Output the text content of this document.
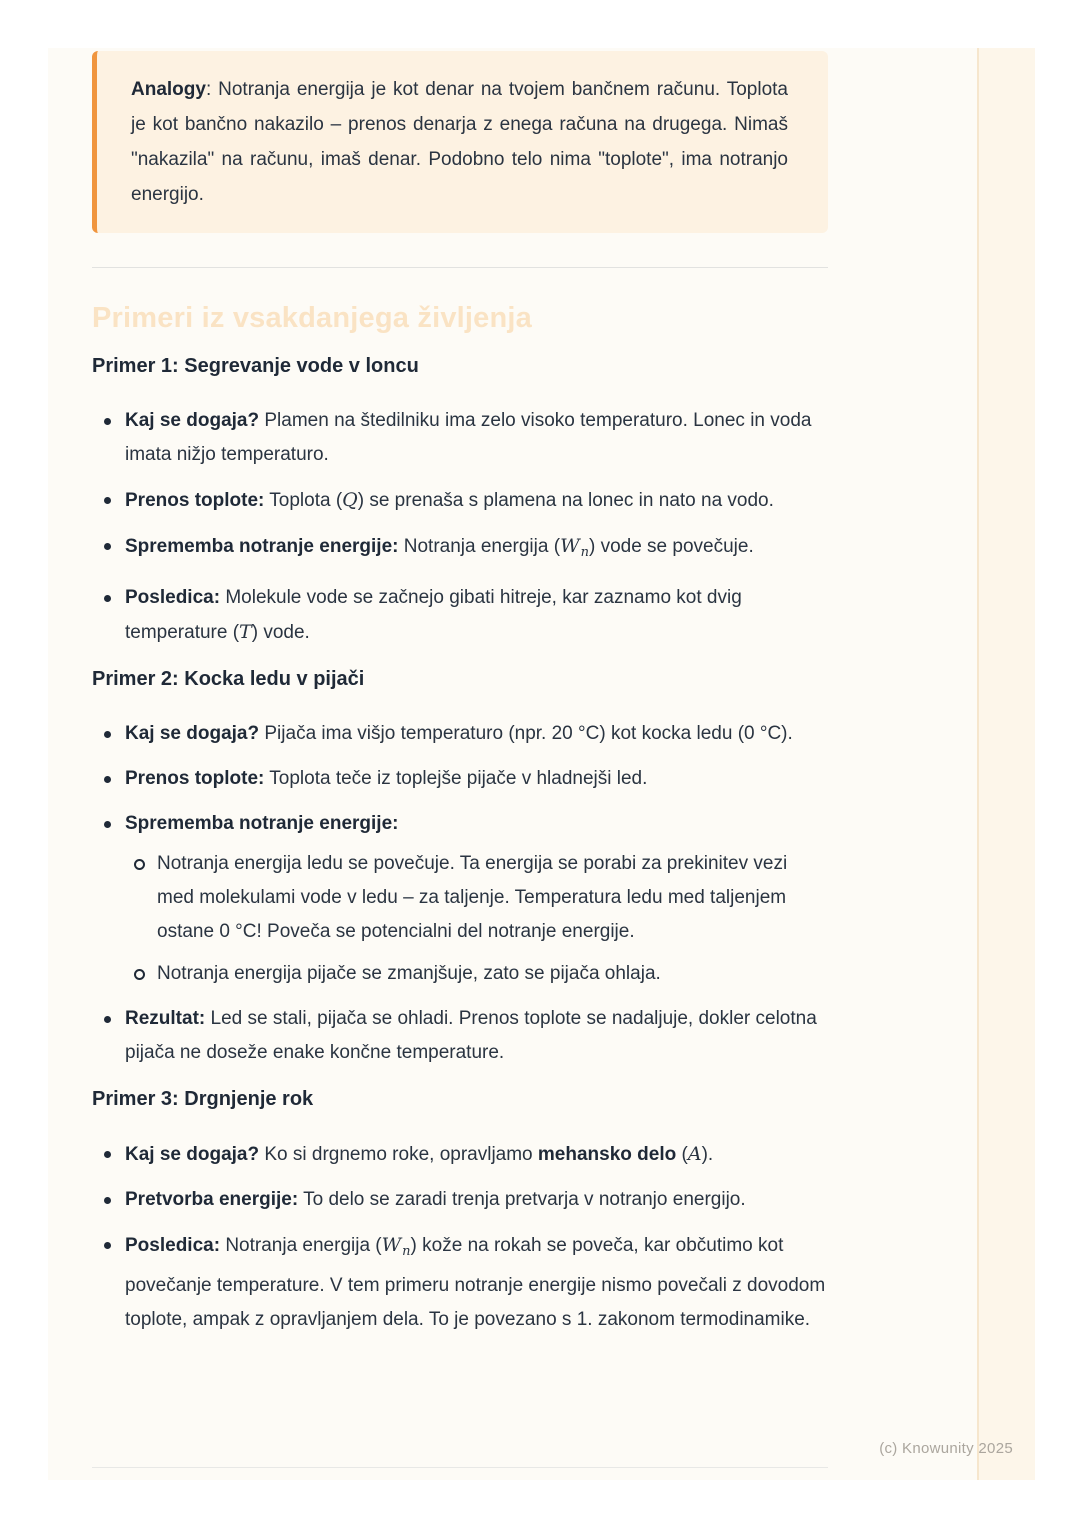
Analogy: Notranja energija je kot denar na tvojem bančnem računu. Toplota je kot bančno nakazilo – prenos denarja z enega računa na drugega. Nimaš "nakazila" na računu, imaš denar. Podobno telo nima "toplote", ima notranjo energijo.

Primeri iz vsakdanjega življenja
Primer 1: Segrevanje vode v loncu
Kaj se dogaja? Plamen na štedilniku ima zelo visoko temperaturo. Lonec in voda imata nižjo temperaturo.
Prenos toplote: Toplota (Q) se prenaša s plamena na lonec in nato na vodo.
Sprememba notranje energije: Notranja energija $(W_n)$ vode se povečuje.
Posledica: Molekule vode se začnejo gibati hitreje, kar zaznamo kot dvig temperature (T) vode.
Primer 2: Kocka ledu v pijači
Kaj se dogaja? Pijača ima višjo temperaturo (npr. 20 °C) kot kocka ledu (0 °C).
Prenos toplote: Toplota teče iz toplejše pijače v hladnejši led.
Sprememba notranje energije:
Notranja energija ledu se povečuje. Ta energija se porabi za prekinitev vezi med molekulami vode v ledu – za taljenje. Temperatura ledu med taljenjem ostane 0 °C! Poveča se potencialni del notranje energije.
Notranja energija pijače se zmanjšuje, zato se pijača ohlaja.
Rezultat: Led se stali, pijača se ohladi. Prenos toplote se nadaljuje, dokler celotna pijača ne doseže enake končne temperature.
Primer 3: Drgnjenje rok
Kaj se dogaja? Ko si drgnemo roke, opravljamo mehansko delo (A).
Pretvorba energije: To delo se zaradi trenja pretvarja v notranjo energijo.
Posledica: Notranja energija $(W_n)$ kože na rokah se poveča, kar občutimo kot povečanje temperature. V tem primeru notranje energije nismo povečali z dovodom toplote, ampak z opravljanjem dela. To je povezano s 1. zakonom termodinamike.
(c) Knowunity 2025
